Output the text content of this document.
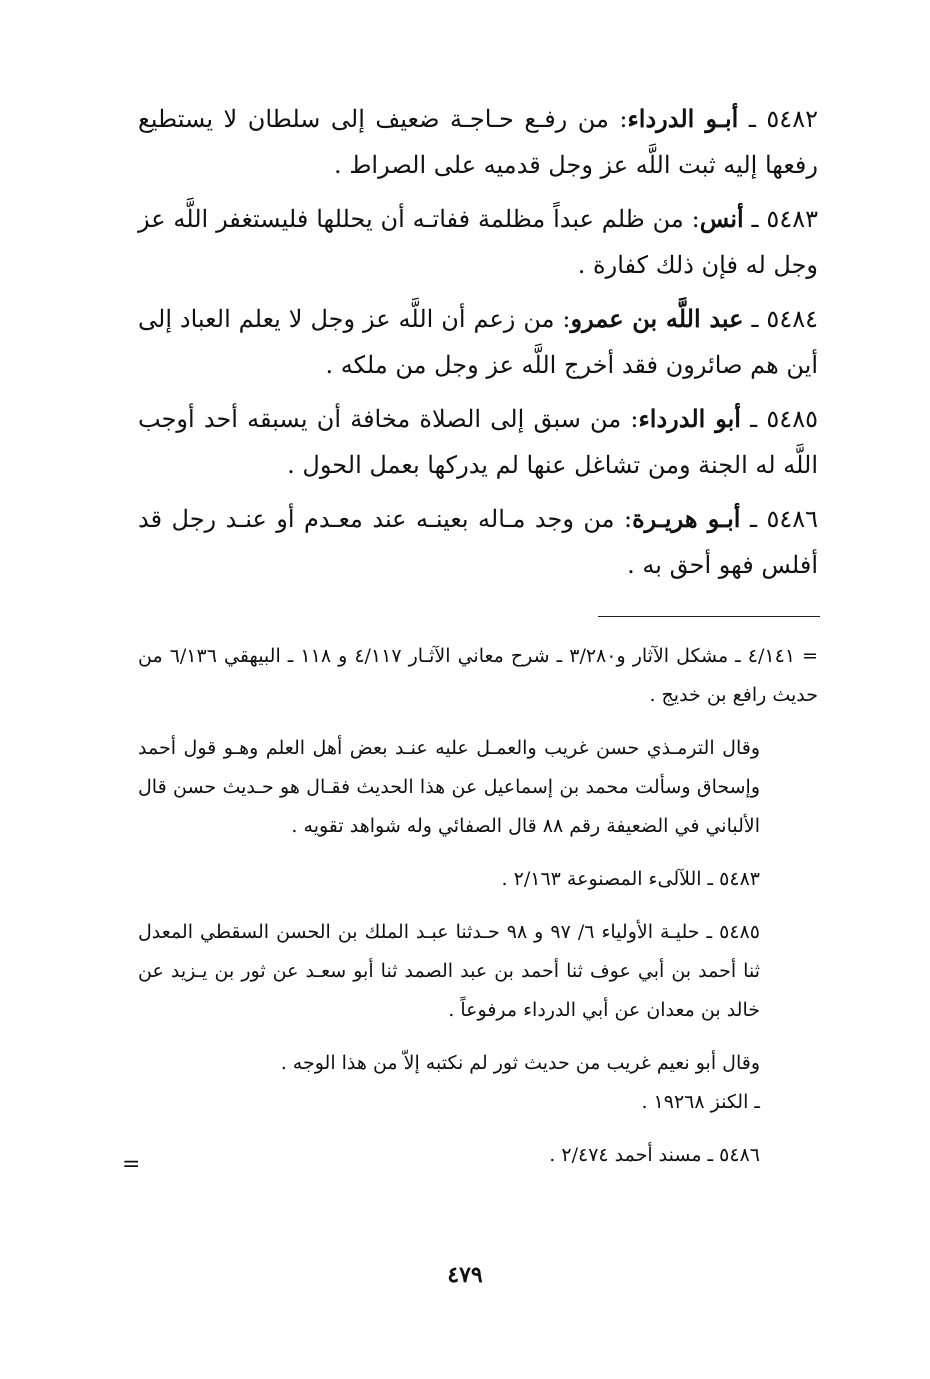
٥٤٨٢ ـ أبـو الدرداء: من رفـع حـاجـة ضعيف إلى سلطان لا يستطيع رفعها إليه ثبت اللَّه عز وجل قدميه على الصراط .
٥٤٨٣ ـ أنس: من ظلم عبداً مظلمة ففاتـه أن يحللها فليستغفر اللَّه عز وجل له فإن ذلك كفارة .
٥٤٨٤ ـ عبد اللَّه بن عمرو: من زعم أن اللَّه عز وجل لا يعلم العباد إلى أين هم صائرون فقد أخرج اللَّه عز وجل من ملكه .
٥٤٨٥ ـ أبو الدرداء: من سبق إلى الصلاة مخافة أن يسبقه أحد أوجب اللَّه له الجنة ومن تشاغل عنها لم يدركها بعمل الحول .
٥٤٨٦ ـ أبـو هريـرة: من وجد مـاله بعينـه عند معـدم أو عنـد رجل قد أفلس فهو أحق به .
= ٤/١٤١ ـ مشكل الآثار و٣/٢٨٠ ـ شرح معاني الآثـار ٤/١١٧ و ١١٨ ـ البيهقي ٦/١٣٦ من حديث رافع بن خديج .
وقال الترمـذي حسن غريب والعمـل عليه عنـد بعض أهل العلم وهـو قول أحمد وإسحاق وسألت محمد بن إسماعيل عن هذا الحديث فقـال هو حـديث حسن قال الألباني في الضعيفة رقم ٨٨ قال الصفائي وله شواهد تقويه .
٥٤٨٣ ـ اللآلىء المصنوعة ٢/١٦٣ .
٥٤٨٥ ـ حليـة الأولياء ٦/ ٩٧ و ٩٨ حـدثنا عبـد الملك بن الحسن السقطي المعدل ثنا أحمد بن أبي عوف ثنا أحمد بن عبد الصمد ثنا أبو سعـد عن ثور بن يـزيد عن خالد بن معدان عن أبي الدرداء مرفوعاً .
وقال أبو نعيم غريب من حديث ثور لم نكتبه إلاّ من هذا الوجه .
ـ الكنز ١٩٢٦٨ .
٥٤٨٦ ـ مسند أحمد ٢/٤٧٤ .
=
٤٧٩
